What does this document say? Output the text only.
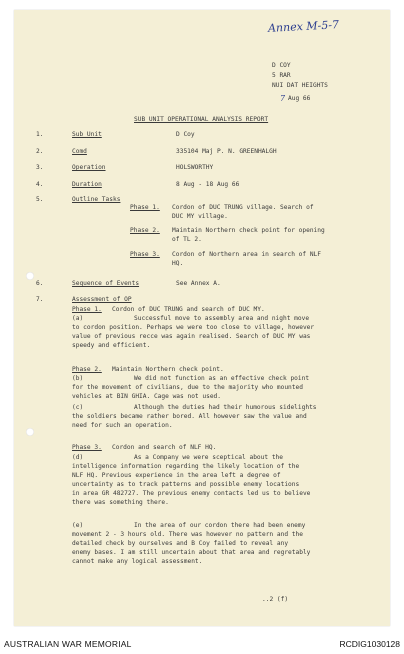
Annex M-5-7
D COY
5 RAR
NUI DAT HEIGHTS
7 Aug 66
SUB UNIT OPERATIONAL ANALYSIS REPORT
1.	Sub Unit	D Coy
2.	Comd	335104 Maj P. N. GREENHALGH
3.	Operation	HOLSWORTHY
4.	Duration	8 Aug - 18 Aug 66
5.	Outline Tasks
Phase 1. Cordon of DUC TRUNG village. Search of
DUC MY village.
Phase 2. Maintain Northern check point for opening
of TL 2.
Phase 3. Cordon of Northern area in search of NLF
HQ.
6.	Sequence of Events	See Annex A.
7.	Assessment of OP
Phase 1. Cordon of DUC TRUNG and search of DUC MY.
(a)	Successful move to assembly area and night move
to cordon position. Perhaps we were too close to village, however
value of previous recce was again realised. Search of DUC MY was
speedy and efficient.
Phase 2. Maintain Northern check point.
(b)	We did not function as an effective check point
for the movement of civilians, due to the majority who mounted
vehicles at BIN GHIA. Cage was not used.
(c)	Although the duties had their humorous sidelights
the soldiers became rather bored. All however saw the value and
need for such an operation.
Phase 3. Cordon and search of NLF HQ.
(d)	As a Company we were sceptical about the
intelligence information regarding the likely location of the
NLF HQ. Previous experience in the area left a degree of
uncertainty as to track patterns and possible enemy locations
in area GR 482727. The previous enemy contacts led us to believe
there was something there.
(e)	In the area of our cordon there had been enemy
movement 2 - 3 hours old. There was however no pattern and the
detailed check by ourselves and B Coy failed to reveal any
enemy bases. I am still uncertain about that area and regretably
cannot make any logical assessment.
..2 (f)
AUSTRALIAN WAR MEMORIAL	RCDIG1030128
